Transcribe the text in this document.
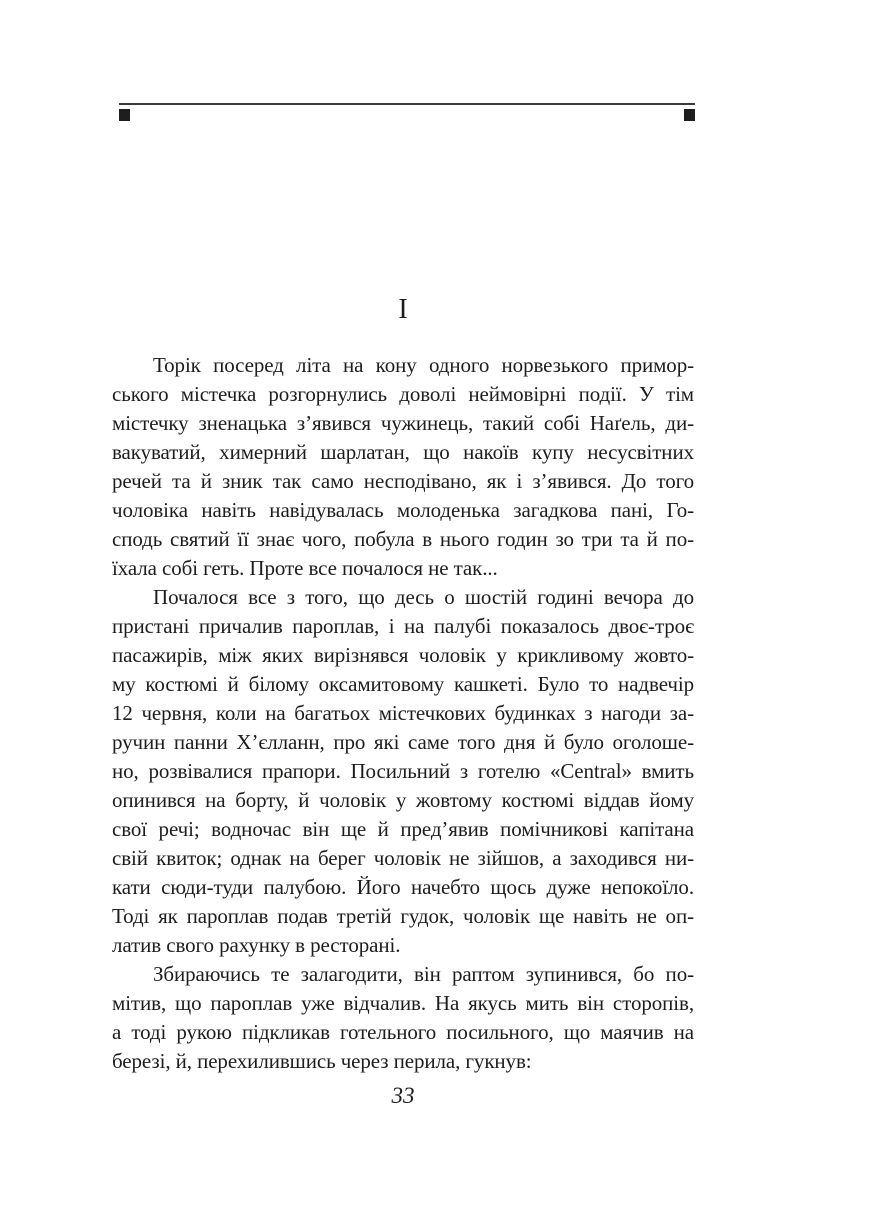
I
Торік посеред літа на кону одного норвезького примор-
ського містечка розгорнулись доволі неймовірні події. У тім
містечку зненацька з’явився чужинець, такий собі Наґель, ди-
вакуватий, химерний шарлатан, що накоїв купу несусвітних
речей та й зник так само несподівано, як і з’явився. До того
чоловіка навіть навідувалась молоденька загадкова пані, Го-
сподь святий її знає чого, побула в нього годин зо три та й по-
їхала собі геть. Проте все почалося не так...
Почалося все з того, що десь о шостій годині вечора до
пристані причалив пароплав, і на палубі показалось двоє-троє
пасажирів, між яких вирізнявся чоловік у крикливому жовто-
му костюмі й білому оксамитовому кашкеті. Було то надвечір
12 червня, коли на багатьох містечкових будинках з нагоди за-
ручин панни Х’єлланн, про які саме того дня й було оголоше-
но, розвівалися прапори. Посильний з готелю «Central» вмить
опинився на борту, й чоловік у жовтому костюмі віддав йому
свої речі; водночас він ще й пред’явив помічникові капітана
свій квиток; однак на берег чоловік не зійшов, а заходився ни-
кати сюди-туди палубою. Його начебто щось дуже непокоїло.
Тоді як пароплав подав третій гудок, чоловік ще навіть не оп-
латив свого рахунку в ресторані.
Збираючись те залагодити, він раптом зупинився, бо по-
мітив, що пароплав уже відчалив. На якусь мить він сторопів,
а тоді рукою підкликав готельного посильного, що маячив на
березі, й, перехилившись через перила, гукнув:
33
